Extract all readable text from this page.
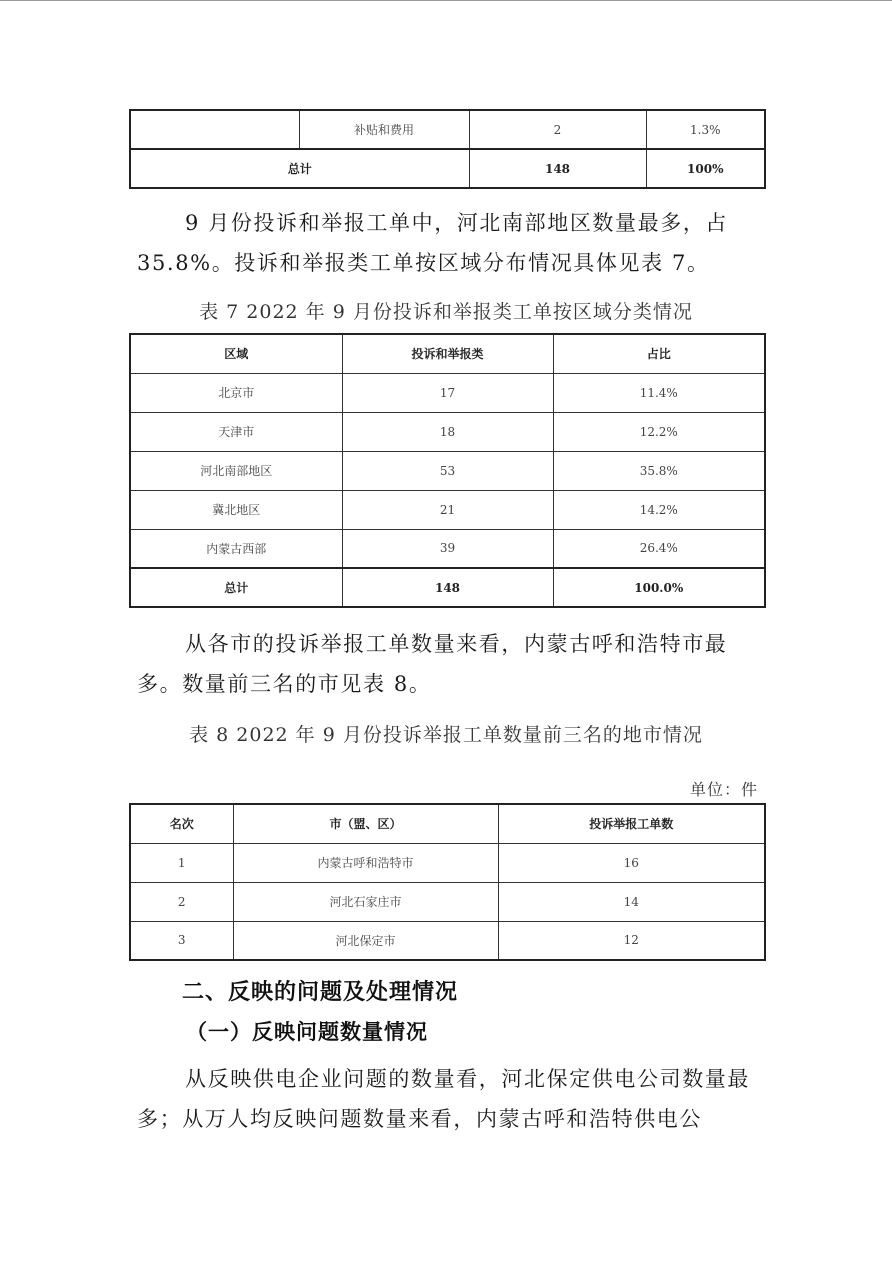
	补贴和费用	2	1.3%
总计		148	100%

9 月份投诉和举报工单中，河北南部地区数量最多，占35.8%。投诉和举报类工单按区域分布情况具体见表 7。

表 7 2022 年 9 月份投诉和举报类工单按区域分类情况

区域	投诉和举报类	占比
北京市	17	11.4%
天津市	18	12.2%
河北南部地区	53	35.8%
冀北地区	21	14.2%
内蒙古西部	39	26.4%
总计	148	100.0%

从各市的投诉举报工单数量来看，内蒙古呼和浩特市最多。数量前三名的市见表 8。

表 8 2022 年 9 月份投诉举报工单数量前三名的地市情况

单位：件
名次	市（盟、区）	投诉举报工单数
1	内蒙古呼和浩特市	16
2	河北石家庄市	14
3	河北保定市	12
二、反映的问题及处理情况
（一）反映问题数量情况

从反映供电企业问题的数量看，河北保定供电公司数量最多；从万人均反映问题数量来看，内蒙古呼和浩特供电公
